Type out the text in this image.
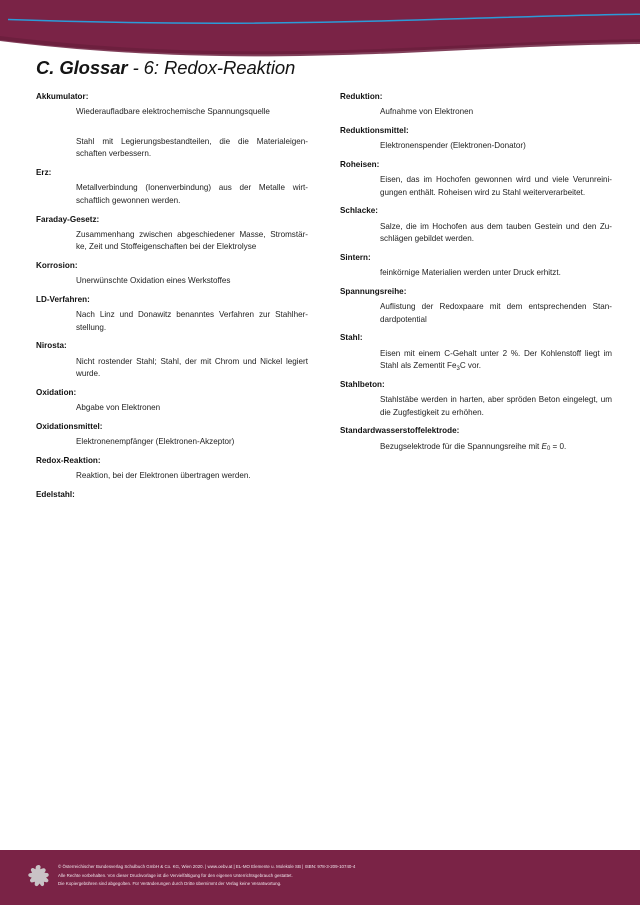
C. Glossar - 6: Redox-Reaktion
Akkumulator:
Wiederaufladbare elektrochemische Spannungsquelle
Stahl mit Legierungsbestandteilen, die die Materialeigen-schaften verbessern.
Erz:
Metallverbindung (Ionenverbindung) aus der Metalle wirt-schaftlich gewonnen werden.
Faraday-Gesetz:
Zusammenhang zwischen abgeschiedener Masse, Stromstär-ke, Zeit und Stoffeigenschaften bei der Elektrolyse
Korrosion:
Unerwünschte Oxidation eines Werkstoffes
LD-Verfahren:
Nach Linz und Donawitz benanntes Verfahren zur Stahlher-stellung.
Nirosta:
Nicht rostender Stahl; Stahl, der mit Chrom und Nickel legiert wurde.
Oxidation:
Abgabe von Elektronen
Oxidationsmittel:
Elektronenempfänger (Elektronen-Akzeptor)
Redox-Reaktion:
Reaktion, bei der Elektronen übertragen werden.
Edelstahl:
Reduktion:
Aufnahme von Elektronen
Reduktionsmittel:
Elektronenspender (Elektronen-Donator)
Roheisen:
Eisen, das im Hochofen gewonnen wird und viele Verunreini-gungen enthält. Roheisen wird zu Stahl weiterverarbeitet.
Schlacke:
Salze, die im Hochofen aus dem tauben Gestein und den Zu-schlägen gebildet werden.
Sintern:
feinkörnige Materialien werden unter Druck erhitzt.
Spannungsreihe:
Auflistung der Redoxpaare mit dem entsprechenden Stan-dardpotential
Stahl:
Eisen mit einem C-Gehalt unter 2 %. Der Kohlenstoff liegt im Stahl als Zementit $Fe_3C$ vor.
Stahlbeton:
Stahlstäbe werden in harten, aber spröden Beton eingelegt, um die Zugfestigkeit zu erhöhen.
Standardwasserstoffelektrode:
Bezugselektrode für die Spannungsreihe mit $E_0 = 0$.
© Österreichischer Bundesverlag Schulbuch GmbH & Co. KG, Wien 2020. | www.oebv.at | EL-MO Elemente u. Moleküle SB | ISBN: 978-3-209-10740-4
Alle Rechte vorbehalten. Von dieser Druckvorlage ist die Vervielfältigung für den eigenen Unterrichtsgebrauch gestattet.
Die Kopiergebühren sind abgegolten. Für Veränderungen durch Dritte übernimmt der Verlag keine Verantwortung.
